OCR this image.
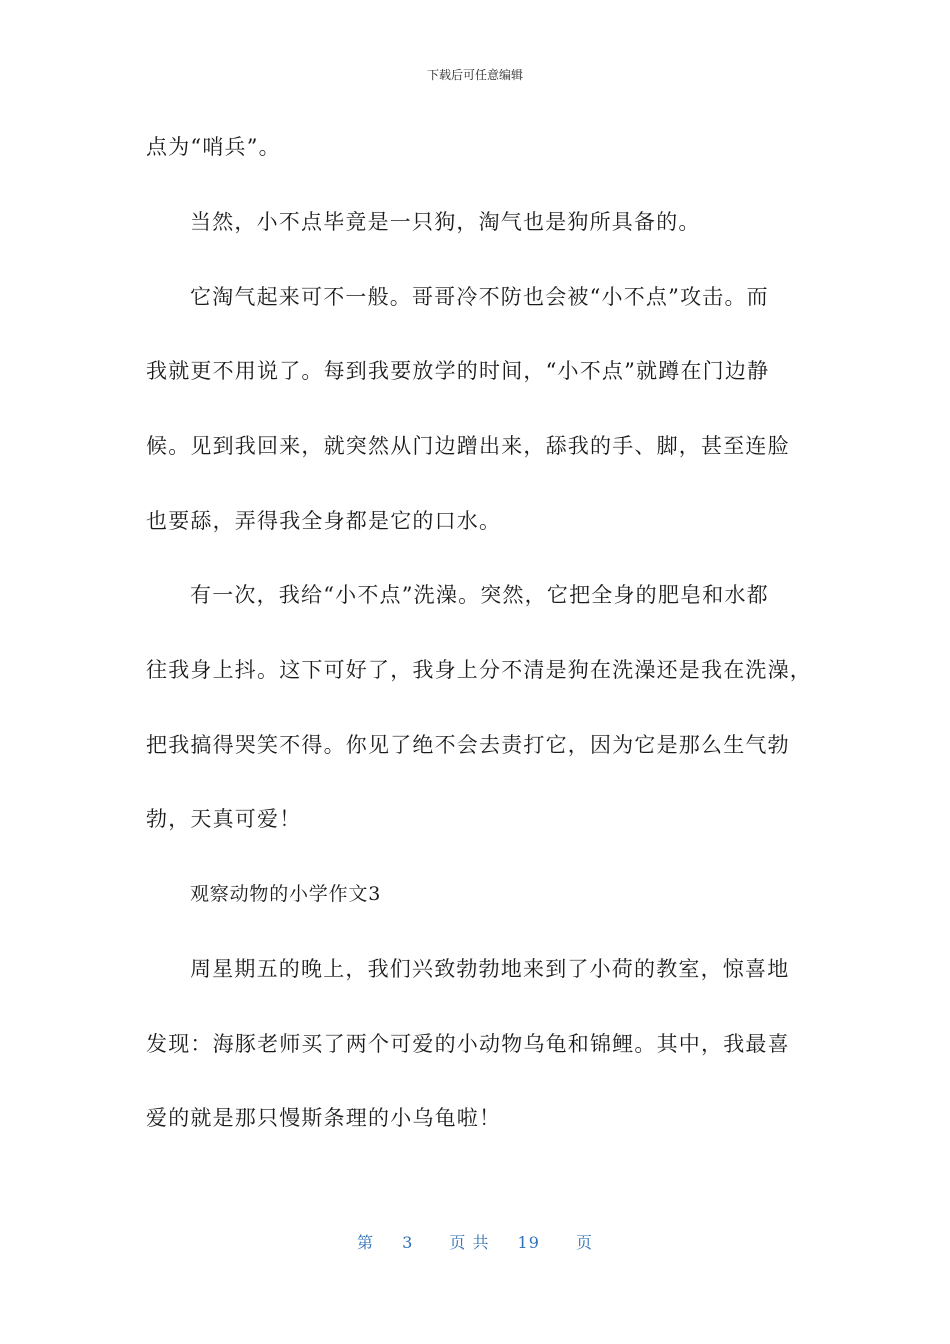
下载后可任意编辑
点为“哨兵”。
当然，小不点毕竟是一只狗，淘气也是狗所具备的。
它淘气起来可不一般。哥哥冷不防也会被“小不点”攻击。而
我就更不用说了。每到我要放学的时间，“小不点”就蹲在门边静
候。见到我回来，就突然从门边蹭出来，舔我的手、脚，甚至连脸
也要舔，弄得我全身都是它的口水。
有一次，我给“小不点”洗澡。突然，它把全身的肥皂和水都
往我身上抖。这下可好了，我身上分不清是狗在洗澡还是我在洗澡，
把我搞得哭笑不得。你见了绝不会去责打它，因为它是那么生气勃
勃，天真可爱！
观察动物的小学作文3
周星期五的晚上，我们兴致勃勃地来到了小荷的教室，惊喜地
发现：海豚老师买了两个可爱的小动物乌龟和锦鲤。其中，我最喜
爱的就是那只慢斯条理的小乌龟啦！
第 3 页 共 19 页
